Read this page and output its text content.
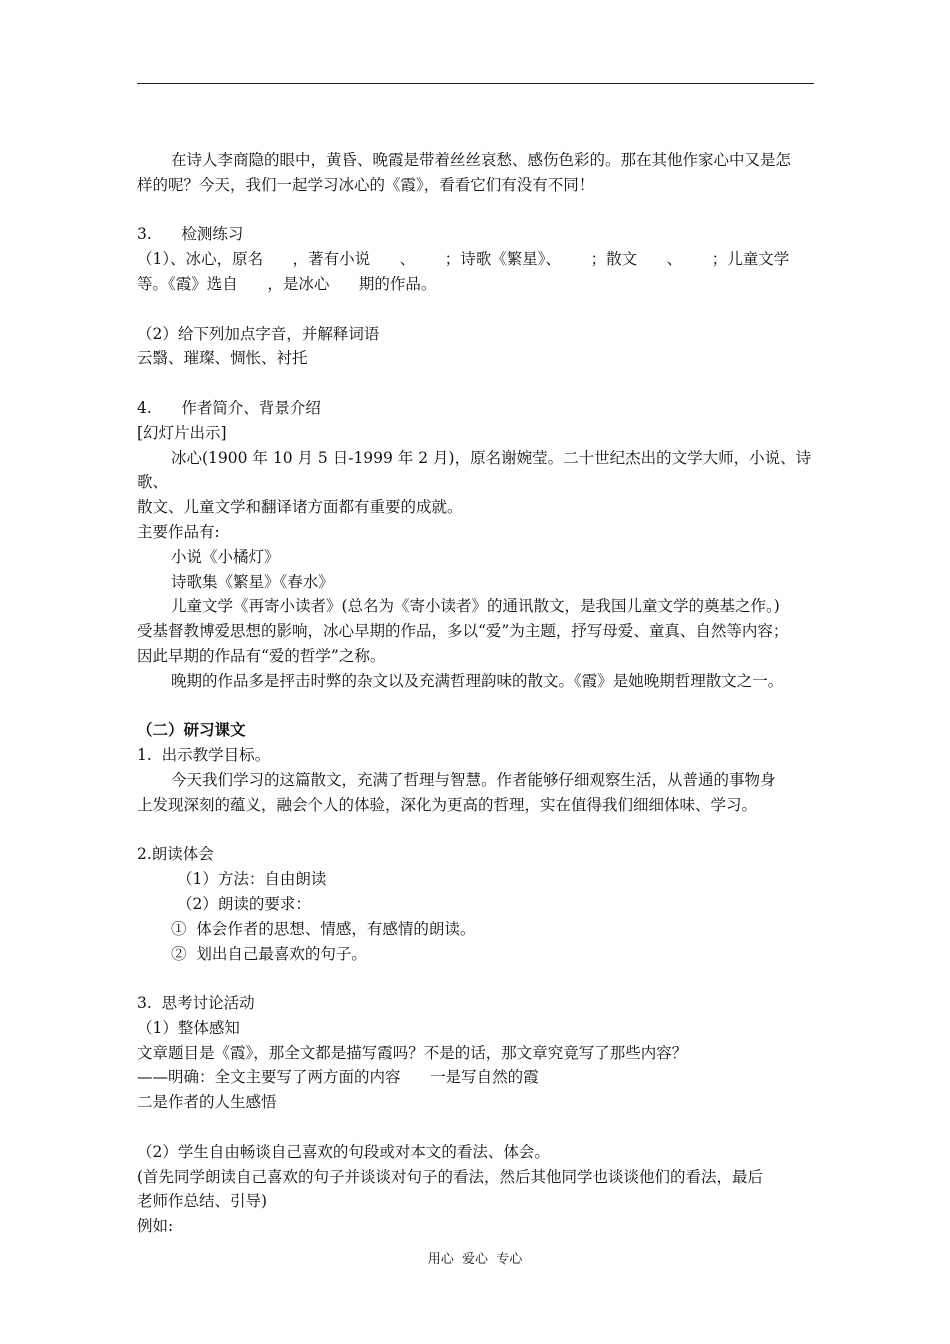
在诗人李商隐的眼中，黄昏、晚霞是带着丝丝哀愁、感伤色彩的。那在其他作家心中又是怎

样的呢？今天，我们一起学习冰心的《霞》，看看它们有没有不同！

3.      检测练习

（1）、冰心，原名      ，著有小说      、      ；诗歌《繁星》、      ；散文      、      ；儿童文学

等。《霞》选自      ，是冰心      期的作品。

（2）给下列加点字音，并解释词语

云翳、璀璨、惆怅、衬托

4.      作者简介、背景介绍

[幻灯片出示]

冰心(1900 年 10 月 5 日-1999 年 2 月)，原名谢婉莹。二十世纪杰出的文学大师，小说、诗歌、

散文、儿童文学和翻译诸方面都有重要的成就。

主要作品有:

小说《小橘灯》

诗歌集《繁星》《春水》

儿童文学《再寄小读者》(总名为《寄小读者》的通讯散文，是我国儿童文学的奠基之作。)

受基督教博爱思想的影响，冰心早期的作品，多以“爱”为主题，抒写母爱、童真、自然等内容；

因此早期的作品有“爱的哲学”之称。

晚期的作品多是抨击时弊的杂文以及充满哲理韵味的散文。《霞》是她晚期哲理散文之一。

（二）研习课文

1.  出示教学目标。

今天我们学习的这篇散文，充满了哲理与智慧。作者能够仔细观察生活，从普通的事物身

上发现深刻的蕴义，融会个人的体验，深化为更高的哲理，实在值得我们细细体味、学习。

2.朗读体会

（1）方法：自由朗读

（2）朗读的要求：

①  体会作者的思想、情感，有感情的朗读。

②  划出自己最喜欢的句子。

3.  思考讨论活动

（1）整体感知

文章题目是《霞》，那全文都是描写霞吗？不是的话，那文章究竟写了那些内容？

——明确：全文主要写了两方面的内容      一是写自然的霞

二是作者的人生感悟

（2）学生自由畅谈自己喜欢的句段或对本文的看法、体会。

(首先同学朗读自己喜欢的句子并谈谈对句子的看法，然后其他同学也谈谈他们的看法，最后

老师作总结、引导)

例如:

用心  爱心  专心
